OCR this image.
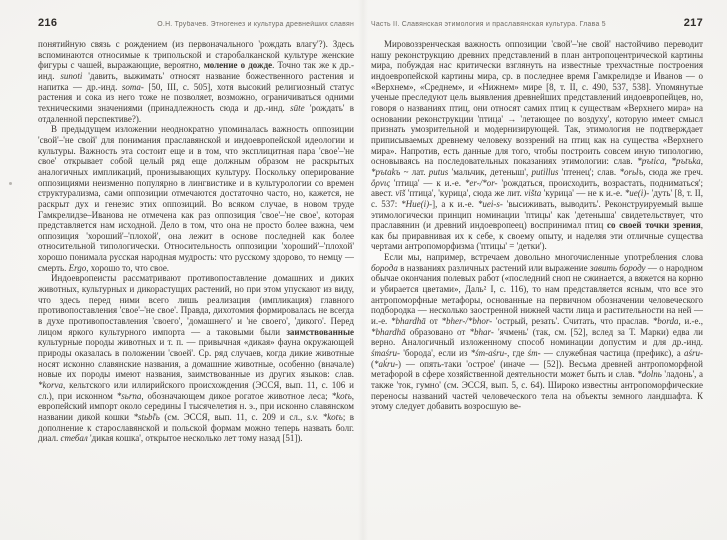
216	О.Н. Трубачев. Этногенез и культура древнейших славян

понятийную связь с рождением (из первоначального 'рождать влагу'?). Здесь вспоминаются относимые к трипольской и старобалканской культуре женские фигуры с чашей, выражающие, вероятно, моление о дожде. Точно так же к др.-инд. sunoti 'давить, выжимать' относят название божественного растения и напитка — др.-инд. soma- [50, III, с. 505], хотя высокий религиозный статус растения и сока из него тоже не позволяет, возможно, ограничиваться одними техническими значениями (принадлежность сюда и др.-инд. sūte 'рождать' в отдаленной перспективе?).

В предыдущем изложении неоднократно упоминалась важность оппозиции 'свой'–'не свой' для понимания праславянской и индоевропейской идеологии и культуры. Важность эта состоит еще и в том, что эксплицитная пара 'свое'–'не свое' открывает собой целый ряд еще должным образом не раскрытых аналогичных импликаций, пронизывающих культуру. Поскольку оперирование оппозициями неизменно популярно в лингвистике и в культурологии со времен структурализма, сами оппозиции отмечаются достаточно часто, но, кажется, не раскрыт дух и генезис этих оппозиций. Во всяком случае, в новом труде Гамкрелидзе–Иванова не отмечена как раз оппозиция 'свое'–'не свое', которая представляется нам исходной. Дело в том, что она не просто более важна, чем оппозиция 'хороший'–'плохой', она лежит в основе последней как более относительной типологически. Относительность оппозиции 'хороший'–'плохой' хорошо понимала русская народная мудрость: что русскому здорово, то немцу — смерть. Ergo, хорошо то, что свое.

Индоевропеисты рассматривают противопоставление домашних и диких животных, культурных и дикорастущих растений, но при этом упускают из виду, что здесь перед ними всего лишь реализация (импликация) главного противопоставления 'свое'–'не свое'. Правда, дихотомия формировалась не всегда в духе противопоставления 'своего', 'домашнего' и 'не своего', 'дикого'. Перед лицом яркого культурного импорта — а таковыми были заимствованные культурные породы животных и т. п. — привычная «дикая» фауна окружающей природы оказалась в положении 'своей'. Ср. ряд случаев, когда дикие животные носят исконно славянские названия, а домашние животные, особенно (вначале) новые их породы имеют названия, заимствованные из других языков: слав. *korva, кельтского или иллирийского происхождения (ЭССЯ, вып. 11, с. 106 и сл.), при исконном *sьrna, обозначающем дикое рогатое животное леса; *kotъ, европейский импорт около середины I тысячелетия н. э., при исконно славянском названии дикой кошки *stьbľь (см. ЭССЯ, вып. 11, с. 209 и сл., s.v. *kotъ; в дополнение к старославянской и польской формам можно теперь назвать болг. диал. стебал 'дикая кошка', открытое несколько лет тому назад [51]).

Часть II. Славянская этимология и праславянская культура. Глава 5	217

Мировоззренческая важность оппозиции 'свой'–'не свой' настойчиво переводит нашу реконструкцию древних представлений в план антропоцентрической картины мира, побуждая нас критически взглянуть на известные трехчастные построения индоевропейской картины мира, ср. в последнее время Гамкрелидзе и Иванов — о «Верхнем», «Среднем», и «Нижнем» мире [8, т. II, с. 490, 537, 538]. Упомянутые ученые преследуют цель выявления древнейших представлений индоевропейцев, но, говоря о названиях птиц, они относят самих птиц к существам «Верхнего мира» на основании реконструкции 'птица' → 'летающее по воздуху', которую имеет смысл признать умозрительной и модернизирующей. Так, этимология не подтверждает приписываемых древнему человеку воззрений на птиц как на существа «Верхнего мира». Напротив, есть данные для того, чтобы построить совсем иную типологию, основываясь на последовательных показаниях этимологии: слав. *pъtica, *pъtъka, *pъtakъ ~ лат. putus 'мальчик, детеныш', putillus 'птенец'; слав. *orьlъ, сюда же греч. ὄρνις 'птица' — к и.-е. *er-/*or- 'рождаться, происходить, возрастать, подниматься'; авест. vīš 'птица', 'курица', сюда же лит. višta 'курица' — не к и.-е. *ue(i)- 'дуть' [8, т. II, с. 537: *Hue(i)-], а к и.-е. *uei-s- 'высиживать, выводить'. Реконструируемый выше этимологически принцип номинации 'птицы' как 'детеныша' свидетельствует, что праславянин (и древний индоевропеец) воспринимал птиц со своей точки зрения, как бы приравнивая их к себе, к своему опыту, и наделяя эти отличные существа чертами антропоморфизма ('птицы' = 'детки').

Если мы, например, встречаем довольно многочисленные употребления слова борода в названиях различных растений или выражение завить бороду — о народном обычае окончания полевых работ («последний сноп не сжинается, а вяжется на корню и убирается цветами», Даль² I, с. 116), то нам представляется ясным, что все это антропоморфные метафоры, основанные на первичном обозначении человеческого подбородка — несколько заостренной нижней части лица и растительности на ней — и.-е. *bhardhā от *bher-/*bhor- 'острый, резать'. Считать, что праслав. *borda, и.-е., *bhardhā образовано от *bhar- 'ячмень' (так, см. [52], вслед за Т. Марки) едва ли верно. Аналогичный изложенному способ номинации допустим и для др.-инд. śmaśru- 'борода', если из *śm-aśru-, где śm- — служебная частица (префикс), а aśru- (*aḱru-) — опять-таки 'острое' (иначе — [52]). Весьма древней антропоморфной метафорой в сфере хозяйственной деятельности может быть и слав. *dolnь 'ладонь', а также 'ток, гумно' (см. ЭССЯ, вып. 5, с. 64). Широко известны антропоморфические переносы названий частей человеческого тела на объекты земного ландшафта. К этому следует добавить возросшую ве-
